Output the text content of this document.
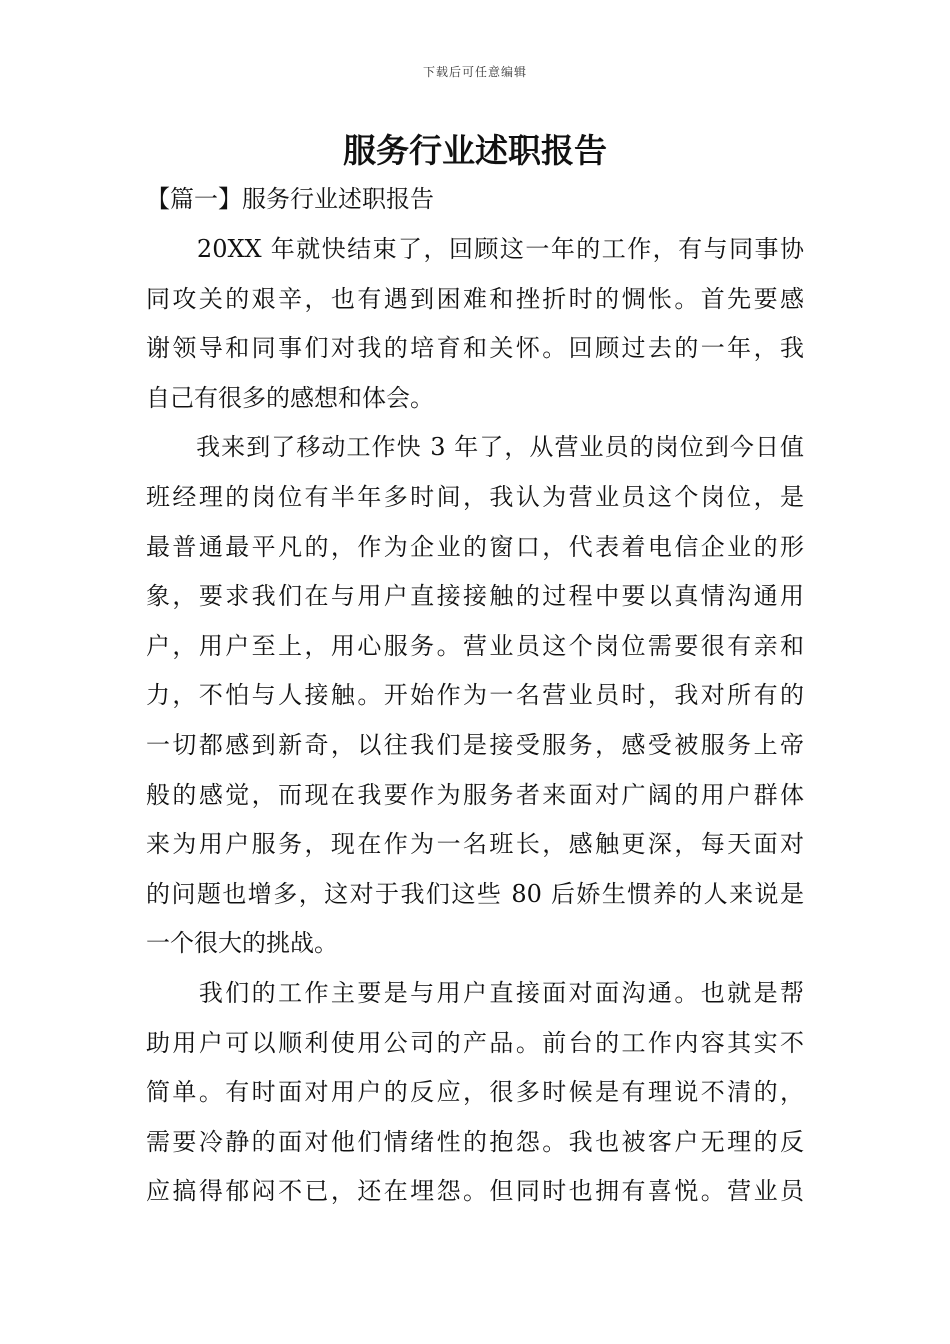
下载后可任意编辑
服务行业述职报告
【篇一】服务行业述职报告
　　20XX 年就快结束了，回顾这一年的工作，有与同事协
同攻关的艰辛，也有遇到困难和挫折时的惆怅。首先要感
谢领导和同事们对我的培育和关怀。回顾过去的一年，我
自己有很多的感想和体会。
　　我来到了移动工作快 3 年了，从营业员的岗位到今日值
班经理的岗位有半年多时间，我认为营业员这个岗位，是
最普通最平凡的，作为企业的窗口，代表着电信企业的形
象，要求我们在与用户直接接触的过程中要以真情沟通用
户，用户至上，用心服务。营业员这个岗位需要很有亲和
力，不怕与人接触。开始作为一名营业员时，我对所有的
一切都感到新奇，以往我们是接受服务，感受被服务上帝
般的感觉，而现在我要作为服务者来面对广阔的用户群体
来为用户服务，现在作为一名班长，感触更深，每天面对
的问题也增多，这对于我们这些 80 后娇生惯养的人来说是
一个很大的挑战。
　　我们的工作主要是与用户直接面对面沟通。也就是帮
助用户可以顺利使用公司的产品。前台的工作内容其实不
简单。有时面对用户的反应，很多时候是有理说不清的，
需要冷静的面对他们情绪性的抱怨。我也被客户无理的反
应搞得郁闷不已，还在埋怨。但同时也拥有喜悦。营业员
